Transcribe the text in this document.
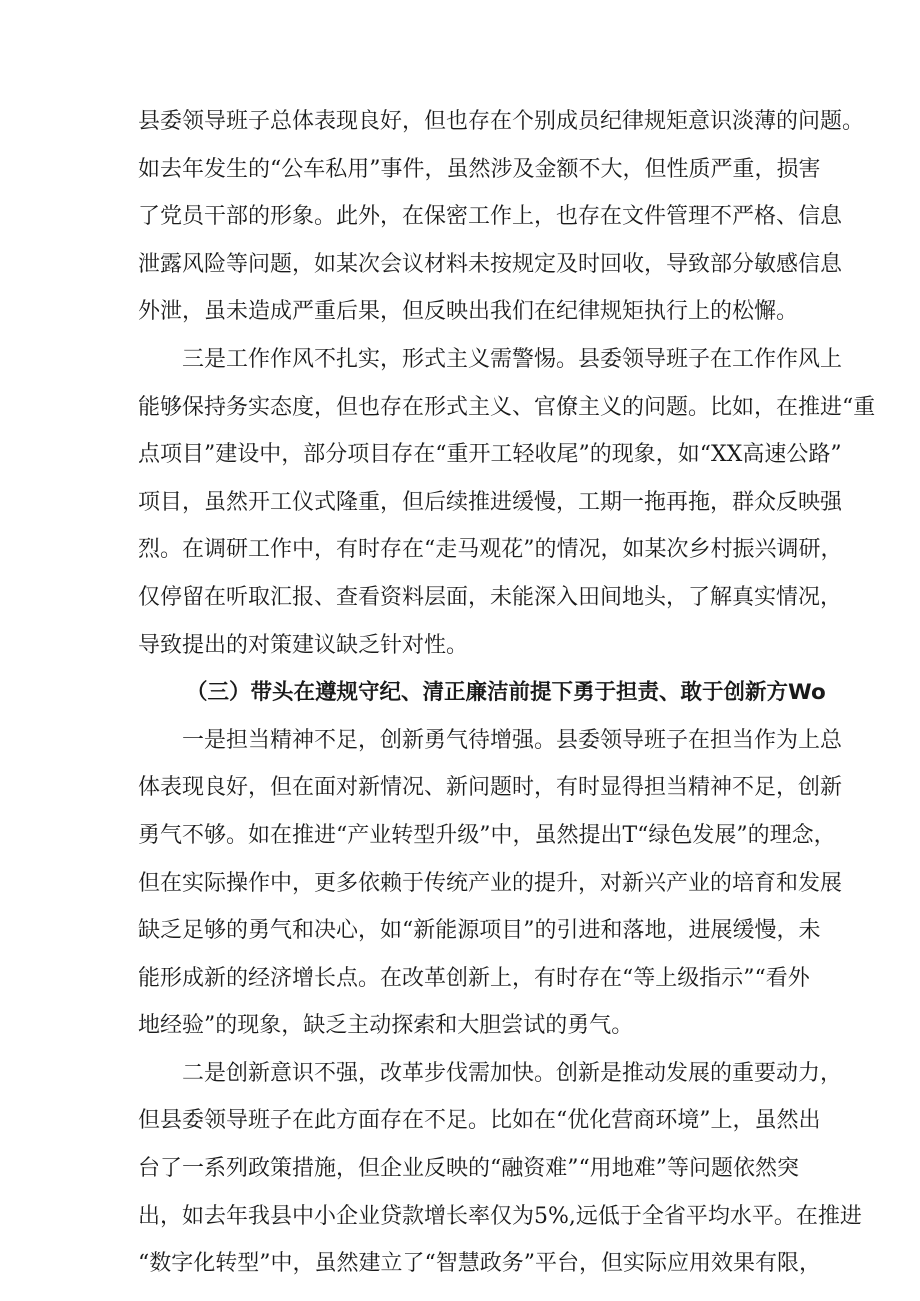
县委领导班子总体表现良好，但也存在个别成员纪律规矩意识淡薄的问题。
如去年发生的“公车私用”事件，虽然涉及金额不大，但性质严重，损害
了党员干部的形象。此外，在保密工作上，也存在文件管理不严格、信息
泄露风险等问题，如某次会议材料未按规定及时回收，导致部分敏感信息
外泄，虽未造成严重后果，但反映出我们在纪律规矩执行上的松懈。
三是工作作风不扎实，形式主义需警惕。县委领导班子在工作作风上
能够保持务实态度，但也存在形式主义、官僚主义的问题。比如，在推进“重
点项目”建设中，部分项目存在“重开工轻收尾”的现象，如“XX高速公路”
项目，虽然开工仪式隆重，但后续推进缓慢，工期一拖再拖，群众反映强
烈。在调研工作中，有时存在“走马观花”的情况，如某次乡村振兴调研，
仅停留在听取汇报、查看资料层面，未能深入田间地头，了解真实情况，
导致提出的对策建议缺乏针对性。
（三）带头在遵规守纪、清正廉洁前提下勇于担责、敢于创新方Wo
一是担当精神不足，创新勇气待增强。县委领导班子在担当作为上总
体表现良好，但在面对新情况、新问题时，有时显得担当精神不足，创新
勇气不够。如在推进“产业转型升级”中，虽然提出T“绿色发展”的理念，
但在实际操作中，更多依赖于传统产业的提升，对新兴产业的培育和发展
缺乏足够的勇气和决心，如“新能源项目”的引进和落地，进展缓慢，未
能形成新的经济增长点。在改革创新上，有时存在“等上级指示”“看外
地经验”的现象，缺乏主动探索和大胆尝试的勇气。
二是创新意识不强，改革步伐需加快。创新是推动发展的重要动力，
但县委领导班子在此方面存在不足。比如在“优化营商环境”上，虽然出
台了一系列政策措施，但企业反映的“融资难”“用地难”等问题依然突
出，如去年我县中小企业贷款增长率仅为5%,远低于全省平均水平。在推进
“数字化转型”中，虽然建立了“智慧政务”平台，但实际应用效果有限，
